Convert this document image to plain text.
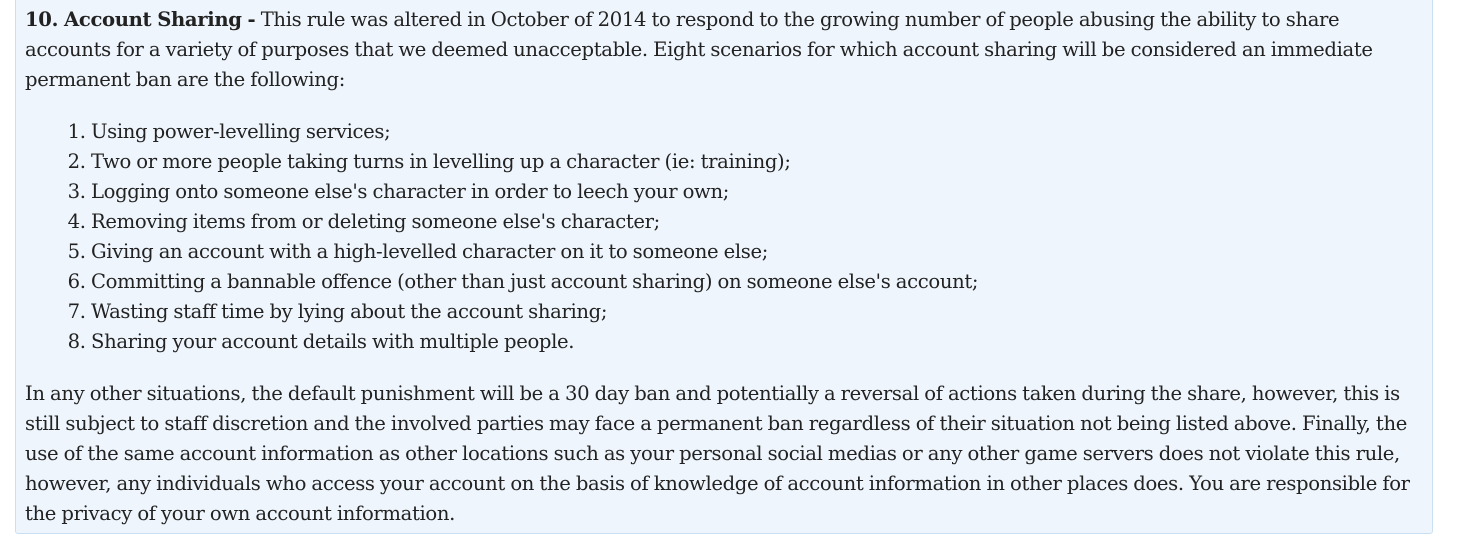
10. Account Sharing - This rule was altered in October of 2014 to respond to the growing number of people abusing the ability to share accounts for a variety of purposes that we deemed unacceptable. Eight scenarios for which account sharing will be considered an immediate permanent ban are the following:

1. Using power-levelling services;
2. Two or more people taking turns in levelling up a character (ie: training);
3. Logging onto someone else's character in order to leech your own;
4. Removing items from or deleting someone else's character;
5. Giving an account with a high-levelled character on it to someone else;
6. Committing a bannable offence (other than just account sharing) on someone else's account;
7. Wasting staff time by lying about the account sharing;
8. Sharing your account details with multiple people.

In any other situations, the default punishment will be a 30 day ban and potentially a reversal of actions taken during the share, however, this is still subject to staff discretion and the involved parties may face a permanent ban regardless of their situation not being listed above. Finally, the use of the same account information as other locations such as your personal social medias or any other game servers does not violate this rule, however, any individuals who access your account on the basis of knowledge of account information in other places does. You are responsible for the privacy of your own account information.
